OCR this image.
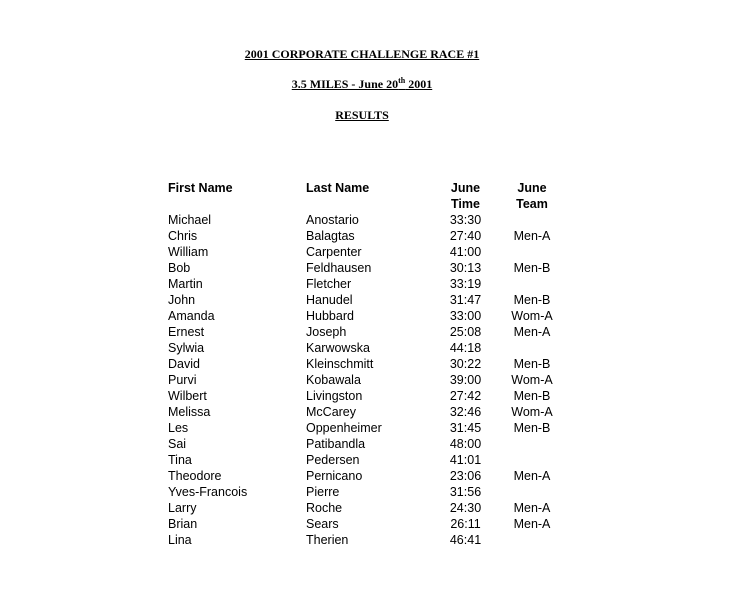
2001 CORPORATE CHALLENGE RACE #1
3.5 MILES - June 20th 2001
RESULTS
First Name	Last Name	June	June
Time	Team
Michael	Anostario	33:30
Chris	Balagtas	27:40	Men-A
William	Carpenter	41:00
Bob	Feldhausen	30:13	Men-B
Martin	Fletcher	33:19
John	Hanudel	31:47	Men-B
Amanda	Hubbard	33:00	Wom-A
Ernest	Joseph	25:08	Men-A
Sylwia	Karwowska	44:18
David	Kleinschmitt	30:22	Men-B
Purvi	Kobawala	39:00	Wom-A
Wilbert	Livingston	27:42	Men-B
Melissa	McCarey	32:46	Wom-A
Les	Oppenheimer	31:45	Men-B
Sai	Patibandla	48:00
Tina	Pedersen	41:01
Theodore	Pernicano	23:06	Men-A
Yves-Francois	Pierre	31:56
Larry	Roche	24:30	Men-A
Brian	Sears	26:11	Men-A
Lina	Therien	46:41
